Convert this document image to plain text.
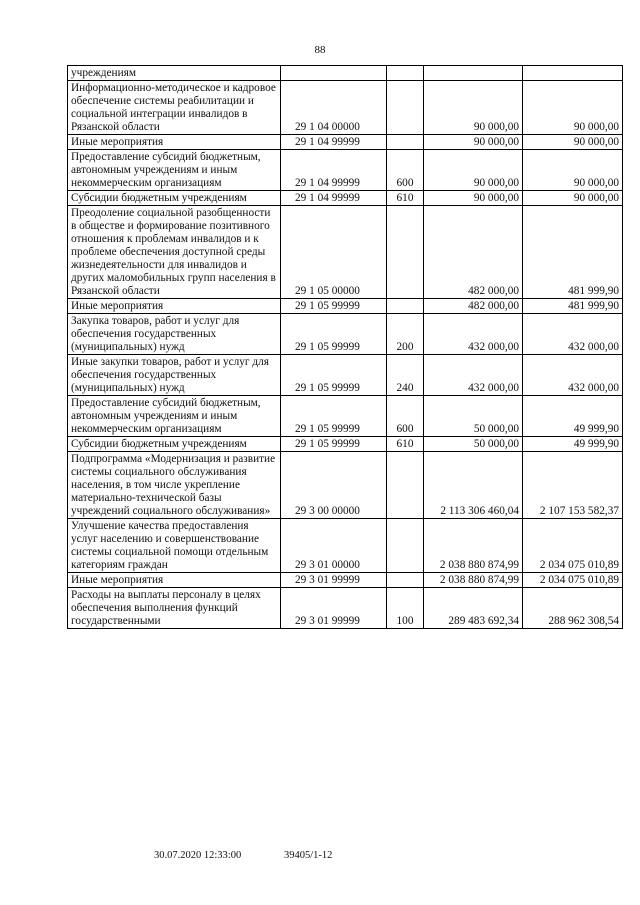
88
учреждениям				
Информационно-методическое и кадровое обеспечение системы реабилитации и социальной интеграции инвалидов в Рязанской области	29 1 04 00000		90 000,00	90 000,00
Иные мероприятия	29 1 04 99999		90 000,00	90 000,00
Предоставление субсидий бюджетным, автономным учреждениям и иным некоммерческим организациям	29 1 04 99999	600	90 000,00	90 000,00
Субсидии бюджетным учреждениям	29 1 04 99999	610	90 000,00	90 000,00
Преодоление социальной разобщенности в обществе и формирование позитивного отношения к проблемам инвалидов и к проблеме обеспечения доступной среды жизнедеятельности для инвалидов и других маломобильных групп населения в Рязанской области	29 1 05 00000		482 000,00	481 999,90
Иные мероприятия	29 1 05 99999		482 000,00	481 999,90
Закупка товаров, работ и услуг для обеспечения государственных (муниципальных) нужд	29 1 05 99999	200	432 000,00	432 000,00
Иные закупки товаров, работ и услуг для обеспечения государственных (муниципальных) нужд	29 1 05 99999	240	432 000,00	432 000,00
Предоставление субсидий бюджетным, автономным учреждениям и иным некоммерческим организациям	29 1 05 99999	600	50 000,00	49 999,90
Субсидии бюджетным учреждениям	29 1 05 99999	610	50 000,00	49 999,90
Подпрограмма «Модернизация и развитие системы социального обслуживания населения, в том числе укрепление материально-технической базы учреждений социального обслуживания»	29 3 00 00000		2 113 306 460,04	2 107 153 582,37
Улучшение качества предоставления услуг населению и совершенствование системы социальной помощи отдельным категориям граждан	29 3 01 00000		2 038 880 874,99	2 034 075 010,89
Иные мероприятия	29 3 01 99999		2 038 880 874,99	2 034 075 010,89
Расходы на выплаты персоналу в целях обеспечения выполнения функций государственными	29 3 01 99999	100	289 483 692,34	288 962 308,54
30.07.2020 12:33:00	39405/1-12
